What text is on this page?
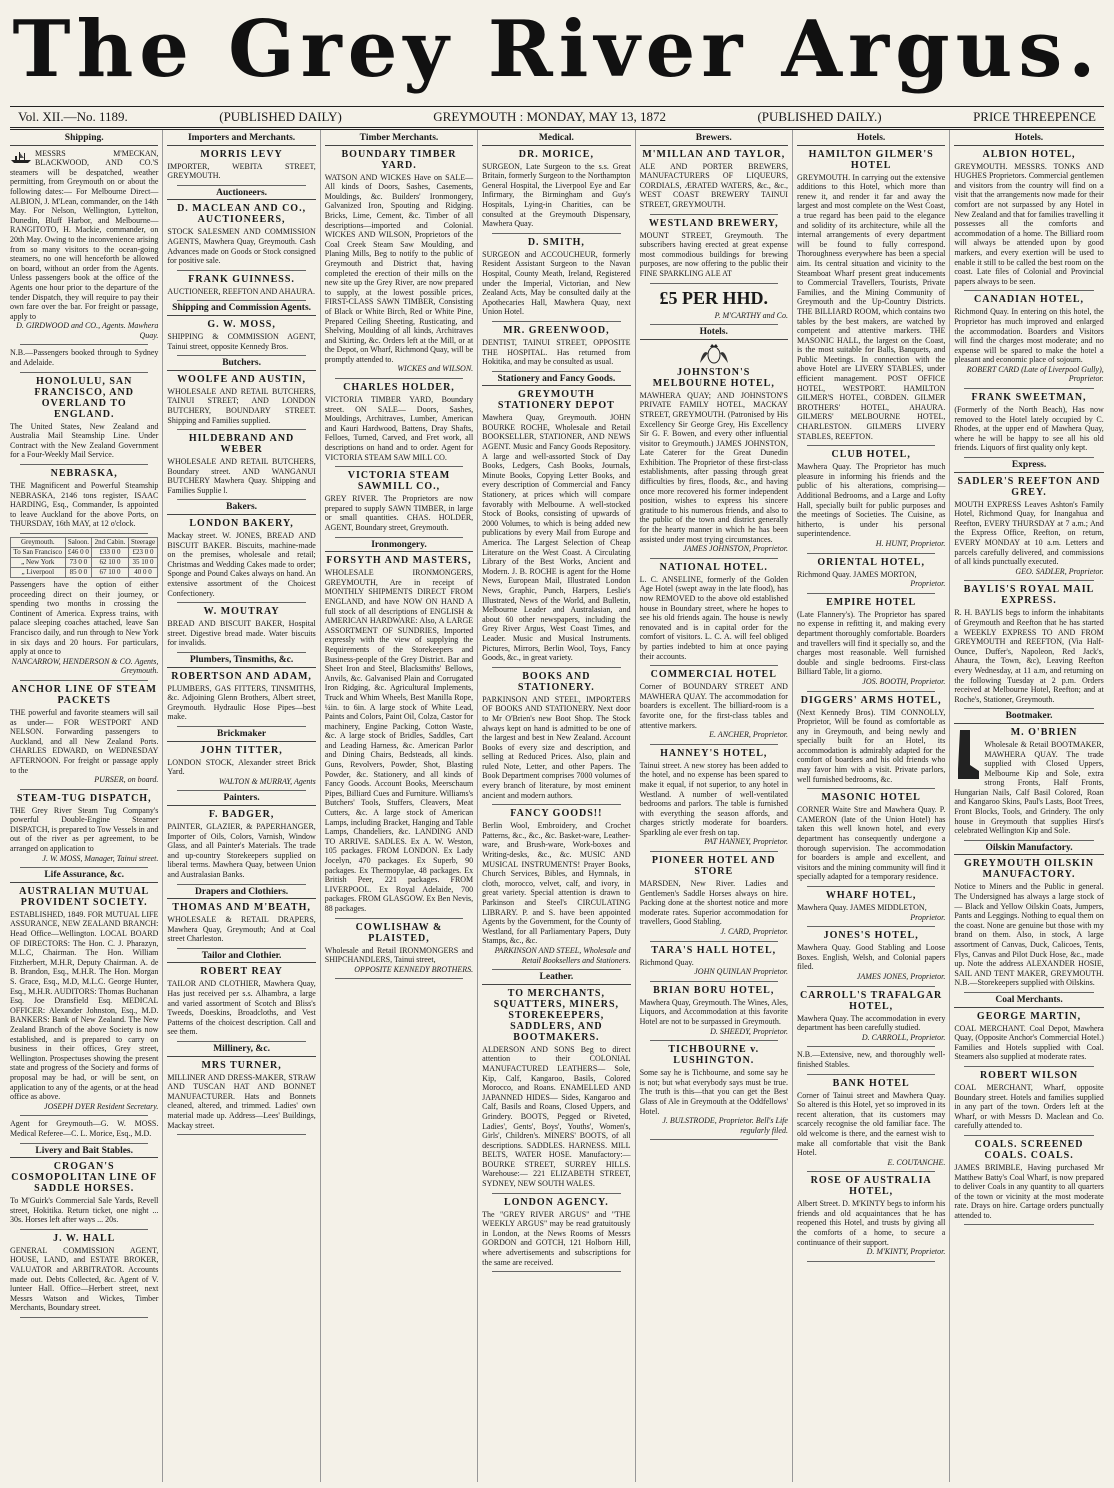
The Grey River Argus.
Vol. XII.—No. 1189.	(PUBLISHED DAILY)	GREYMOUTH : MONDAY, MAY 13, 1872	(PUBLISHED DAILY.)	PRICE THREEPENCE
Shipping.
MESSRS M'MECKAN, BLACKWOOD, AND CO.'S steamers will be despatched, weather permitting, from Greymouth on or about the following dates:— For Melbourne Direct— ALBION, J. M'Lean, commander, on the 14th May. For Nelson, Wellington, Lyttelton, Dunedin, Bluff Harbor, and Melbourne— RANGITOTO, H. Mackie, commander, on 20th May. Owing to the inconvenience arising from so many visitors to the ocean-going steamers, no one will henceforth be allowed on board, without an order from the Agents. Unless passengers book at the office of the Agents one hour prior to the departure of the tender Dispatch, they will require to pay their own fare over the bar. For freight or passage, apply to
D. GIRDWOOD and CO., Agents. Mawhera Quay.
N.B.—Passengers booked through to Sydney and Adelaide.
HONOLULU, SAN FRANCISCO, AND OVERLAND TO ENGLAND.
The United States, New Zealand and Australia Mail Steamship Line. Under Contract with the New Zealand Government for a Four-Weekly Mail Service.
NEBRASKA,
THE Magnificent and Powerful Steamship NEBRASKA, 2146 tons register, ISAAC HARDING, Esq., Commander, Is appointed to leave Auckland for the above Ports, on THURSDAY, 16th MAY, at 12 o'clock.
Greymouth.	Saloon.	2nd Cabin.	Steerage
To San Francisco	£46 0 0	£33 0 0	£23 0 0
„ New York	73 0 0	62 10 0	35 10 0
„ Liverpool	85 0 0	67 10 0	40 0 0
Passengers have the option of either proceeding direct on their journey, or spending two months in crossing the Continent of America. Express trains, with palace sleeping coaches attached, leave San Francisco daily, and run through to New York in six days and 20 hours. For particulars, apply at once to
NANCARROW, HENDERSON & CO. Agents, Greymouth.
ANCHOR LINE OF STEAM PACKETS
THE powerful and favorite steamers will sail as under— FOR WESTPORT AND NELSON. Forwarding passengers to Auckland, and all New Zealand Ports. CHARLES EDWARD, on WEDNESDAY AFTERNOON. For freight or passage apply to the
PURSER, on board.
STEAM-TUG DISPATCH,
THE Grey River Steam Tug Company's powerful Double-Engine Steamer DISPATCH, is prepared to Tow Vessels in and out of the river as per agreement, to be arranged on application to
J. W. MOSS, Manager, Tainui street.
Life Assurance, &c.
AUSTRALIAN MUTUAL PROVIDENT SOCIETY.
ESTABLISHED, 1849. FOR MUTUAL LIFE ASSURANCE, NEW ZEALAND BRANCH: Head Office—Wellington. LOCAL BOARD OF DIRECTORS: The Hon. C. J. Pharazyn, M.L.C, Chairman. The Hon. William Fitzherbert, M.H.R, Deputy Chairman. A. de B. Brandon, Esq., M.H.R. The Hon. Morgan S. Grace, Esq., M.D, M.L.C. George Hunter, Esq., M.H.R. AUDITORS: Thomas Buchanan Esq. Joe Dransfield Esq. MEDICAL OFFICER: Alexander Johnston, Esq., M.D. BANKERS: Bank of New Zealand. The New Zealand Branch of the above Society is now established, and is prepared to carry on business in their offices, Grey street, Wellington. Prospectuses showing the present state and progress of the Society and forms of proposal may be had, or will be sent, on application to any of the agents, or at the head office as above.
JOSEPH DYER Resident Secretary.
Agent for Greymouth—G. W. MOSS. Medical Referee—C. L. Morice, Esq., M.D.
Livery and Bait Stables.
CROGAN'S COSMOPOLITAN LINE OF SADDLE HORSES.
To M'Guirk's Commercial Sale Yards, Revell street, Hokitika. Return ticket, one night ... 30s. Horses left after ways ... 20s.
J. W. HALL
GENERAL COMMISSION AGENT, HOUSE, LAND, and ESTATE BROKER, VALUATOR and ARBITRATOR. Accounts made out. Debts Collected, &c. Agent of V. lunteer Hall. Office—Herbert street, next Messrs Watson and Wickes, Timber Merchants, Boundary street.
Importers and Merchants.
MORRIS LEVY
IMPORTER, WEBITA STREET, GREYMOUTH.
Auctioneers.
D. MACLEAN AND CO., AUCTIONEERS,
STOCK SALESMEN AND COMMISSION AGENTS, Mawhera Quay, Greymouth. Cash Advances made on Goods or Stock consigned for positive sale.
FRANK GUINNESS.
AUCTIONEER, REEFTON AND AHAURA.
Shipping and Commission Agents.
G. W. MOSS,
SHIPPING & COMMISSION AGENT, Tainui street, opposite Kennedy Bros.
Butchers.
WOOLFE AND AUSTIN,
WHOLESALE AND RETAIL BUTCHERS, TAINUI STREET; AND LONDON BUTCHERY, BOUNDARY STREET. Shipping and Families supplied.
HILDEBRAND AND WEBER
WHOLESALE AND RETAIL BUTCHERS, Boundary street. AND WANGANUI BUTCHERY Mawhera Quay. Shipping and Families Supplie l.
Bakers.
LONDON BAKERY,
Mackay street. W. JONES, BREAD AND BISCUIT BAKER. Biscuits, machine-made on the premises, wholesale and retail; Christmas and Wedding Cakes made to order; Sponge and Pound Cakes always on hand. An extensive assortment of the Choicest Confectionery.
W. MOUTRAY
BREAD AND BISCUIT BAKER, Hospital street. Digestive bread made. Water biscuits for invalids.
Plumbers, Tinsmiths, &c.
ROBERTSON AND ADAM,
PLUMBERS, GAS FITTERS, TINSMITHS, &c. Adjoining Glenn Brothers, Albert street, Greymouth. Hydraulic Hose Pipes—best make.
Brickmaker
JOHN TITTER,
LONDON STOCK, Alexander street Brick Yard.
WALTON & MURRAY, Agents
Painters.
F. BADGER,
PAINTER, GLAZIER, & PAPERHANGER, Importer of Oils, Colors, Varnish, Window Glass, and all Painter's Materials. The trade and up-country Storekeepers supplied on liberal terms. Mawhera Quay, between Union and Australasian Banks.
Drapers and Clothiers.
THOMAS AND M'BEATH,
WHOLESALE & RETAIL DRAPERS, Mawhera Quay, Greymouth; And at Coal street Charleston.
Tailor and Clothier.
ROBERT REAY
TAILOR AND CLOTHIER, Mawhera Quay, Has just received per s.s. Alhambra, a large and varied assortment of Scotch and Bliss's Tweeds, Doeskins, Broadcloths, and Vest Patterns of the choicest description. Call and see them.
Millinery, &c.
MRS TURNER,
MILLINER AND DRESS-MAKER, STRAW AND TUSCAN HAT AND BONNET MANUFACTURER. Hats and Bonnets cleaned, altered, and trimmed. Ladies' own material made up. Address—Lees' Buildings, Mackay street.
Timber Merchants.
BOUNDARY TIMBER YARD.
WATSON AND WICKES Have on SALE— All kinds of Doors, Sashes, Casements, Mouldings, &c. Builders' Ironmongery, Galvanized Iron, Spouting and Ridging. Bricks, Lime, Cement, &c. Timber of all descriptions—imported and Colonial. WICKES AND WILSON, Proprietors of the Coal Creek Steam Saw Moulding, and Planing Mills, Beg to notify to the public of Greymouth and District that, having completed the erection of their mills on the new site up the Grey River, are now prepared to supply, at the lowest possible prices, FIRST-CLASS SAWN TIMBER, Consisting of Black or White Birch, Red or White Pine, Prepared Ceiling Sheeting, Rusticating, and Shelving, Moulding of all kinds, Architraves and Skirting, &c. Orders left at the Mill, or at the Depot, on Wharf, Richmond Quay, will be promptly attended to.
WICKES and WILSON.
CHARLES HOLDER,
VICTORIA TIMBER YARD, Boundary street. ON SALE— Doors, Sashes, Mouldings, Architraves, Lumber, American and Kauri Hardwood, Battens, Dray Shafts, Felloes, Turned, Carved, and Fret work, all descriptions on hand and to order. Agent for VICTORIA STEAM SAW MILL CO.
VICTORIA STEAM SAWMILL CO.,
GREY RIVER. The Proprietors are now prepared to supply SAWN TIMBER, in large or small quantities. CHAS. HOLDER, AGENT, Boundary street, Greymouth.
Ironmongery.
FORSYTH AND MASTERS,
WHOLESALE IRONMONGERS, GREYMOUTH, Are in receipt of MONTHLY SHIPMENTS DIRECT FROM ENGLAND, and have NOW ON HAND A full stock of all descriptions of ENGLISH & AMERICAN HARDWARE: Also, A LARGE ASSORTMENT OF SUNDRIES, Imported expressly with the view of supplying the Requirements of the Storekeepers and Business-people of the Grey District. Bar and Sheet Iron and Steel, Blacksmiths' Bellows, Anvils, &c. Galvanised Plain and Corrugated Iron Ridging, &c. Agricultural Implements, Truck and Whim Wheels, Best Manilla Rope, ¼in. to 6in. A large stock of White Lead, Paints and Colors, Paint Oil, Colza, Castor for machinery, Engine Packing, Cotton Waste, &c. A large stock of Bridles, Saddles, Cart and Leading Harness, &c. American Parlor and Dining Chairs, Bedsteads, all kinds. Guns, Revolvers, Powder, Shot, Blasting Powder, &c. Stationery, and all kinds of Fancy Goods. Account Books, Meerschaum Pipes, Billiard Cues and Furniture. Williams's Butchers' Tools, Stuffers, Cleavers, Meat Cutters, &c. A large stock of American Lamps, including Bracket, Hanging and Table Lamps, Chandeliers, &c. LANDING AND TO ARRIVE. SADLES. Ex A. W. Weston, 105 packages. FROM LONDON. Ex Lady Jocelyn, 470 packages. Ex Superb, 90 packages. Ex Thermopylae, 48 packages. Ex British Peer, 221 packages. FROM LIVERPOOL. Ex Royal Adelaide, 700 packages. FROM GLASGOW. Ex Ben Nevis, 88 packages.
COWLISHAW & PLAISTED,
Wholesale and Retail IRONMONGERS and SHIPCHANDLERS, Tainui street,
OPPOSITE KENNEDY BROTHERS.
Medical.
DR. MORICE,
SURGEON, Late Surgeon to the s.s. Great Britain, formerly Surgeon to the Northampton General Hospital, the Liverpool Eye and Ear Infirmary, the Birmingham and Guy's Hospitals, Lying-in Charities, can be consulted at the Greymouth Dispensary, Mawhera Quay.
D. SMITH,
SURGEON and ACCOUCHEUR, formerly Resident Assistant Surgeon to the Navan Hospital, County Meath, Ireland, Registered under the Imperial, Victorian, and New Zealand Acts, May be consulted daily at the Apothecaries Hall, Mawhera Quay, next Union Hotel.
MR. GREENWOOD,
DENTIST, TAINUI STREET, OPPOSITE THE HOSPITAL. Has returned from Hokitika, and may be consulted as usual.
Stationery and Fancy Goods.
GREYMOUTH STATIONERY DEPOT
Mawhera Quay, Greymouth. JOHN BOURKE ROCHE, Wholesale and Retail BOOKSELLER, STATIONER, AND NEWS AGENT. Music and Fancy Goods Repository. A large and well-assorted Stock of Day Books, Ledgers, Cash Books, Journals, Minute Books, Copying Letter Books, and every description of Commercial and Fancy Stationery, at prices which will compare favorably with Melbourne. A well-stocked Stock of Books, consisting of upwards of 2000 Volumes, to which is being added new publications by every Mail from Europe and America. The Largest Selection of Cheap Literature on the West Coast. A Circulating Library of the Best Works, Ancient and Modern. J. B. ROCHE is agent for the Home News, European Mail, Illustrated London News, Graphic, Punch, Harpers, Leslie's Illustrated, News of the World, and Bulletin, Melbourne Leader and Australasian, and about 60 other newspapers, including the Grey River Argus, West Coast Times, and Leader. Music and Musical Instruments. Pictures, Mirrors, Berlin Wool, Toys, Fancy Goods, &c., in great variety.
BOOKS AND STATIONERY.
PARKINSON AND STEEL, IMPORTERS OF BOOKS AND STATIONERY. Next door to Mr O'Brien's new Boot Shop. The Stock always kept on hand is admitted to be one of the largest and best in New Zealand. Account Books of every size and description, and selling at Reduced Prices. Also, plain and ruled Note, Letter, and other Papers. The Book Department comprises 7000 volumes of every branch of literature, by most eminent ancient and modern authors.
FANCY GOODS!!
Berlin Wool, Embroidery, and Crochet Patterns, &c., &c., &c. Basket-ware, Leather-ware, and Brush-ware, Work-boxes and Writing-desks, &c., &c. MUSIC AND MUSICAL INSTRUMENTS! Prayer Books, Church Services, Bibles, and Hymnals, in cloth, morocco, velvet, calf, and ivory, in great variety. Special attention is drawn to Parkinson and Steel's CIRCULATING LIBRARY. P. and S. have been appointed Agents by the Government, for the County of Westland, for all Parliamentary Papers, Duty Stamps, &c., &c.
PARKINSON AND STEEL, Wholesale and Retail Booksellers and Stationers.
Leather.
TO MERCHANTS, SQUATTERS, MINERS, STOREKEEPERS, SADDLERS, AND BOOTMAKERS.
ALDERSON AND SONS Beg to direct attention to their COLONIAL MANUFACTURED LEATHERS— Sole, Kip, Calf, Kangaroo, Basils, Colored Morocco, and Roans. ENAMELLED AND JAPANNED HIDES— Sides, Kangaroo and Calf, Basils and Roans, Closed Uppers, and Grindery. BOOTS, Pegged or Riveted, Ladies', Gents', Boys', Youths', Women's, Girls', Children's. MINERS' BOOTS, of all descriptions. SADDLES. HARNESS. MILL BELTS, WATER HOSE. Manufactory:— BOURKE STREET, SURREY HILLS. Warehouse:— 221 ELIZABETH STREET, SYDNEY, NEW SOUTH WALES.
LONDON AGENCY.
The "GREY RIVER ARGUS" and "THE WEEKLY ARGUS" may be read gratuitously in London, at the News Rooms of Messrs GORDON and GOTCH, 121 Holborn Hill, where advertisements and subscriptions for the same are received.
Brewers.
M'MILLAN AND TAYLOR,
ALE AND PORTER BREWERS, MANUFACTURERS OF LIQUEURS, CORDIALS, ÆRATED WATERS, &c., &c., WEST COAST BREWERY TAINUI STREET, GREYMOUTH.
WESTLAND BREWERY,
MOUNT STREET, Greymouth. The subscribers having erected at great expense most commodious buildings for brewing purposes, are now offering to the public their FINE SPARKLING ALE AT
£5 PER HHD.
P. M'CARTHY and Co.
Hotels.
JOHNSTON'S MELBOURNE HOTEL,
MAWHERA QUAY; AND JOHNSTON'S PRIVATE FAMILY HOTEL, MACKAY STREET, GREYMOUTH. (Patronised by His Excellency Sir George Grey, His Excellency Sir G. F. Bowen, and every other influential visitor to Greymouth.) JAMES JOHNSTON, Late Caterer for the Great Dunedin Exhibition. The Proprietor of these first-class establishments, after passing through great difficulties by fires, floods, &c., and having once more recovered his former independent position, wishes to express his sincere gratitude to his numerous friends, and also to the public of the town and district generally for the hearty manner in which he has been assisted under most trying circumstances.
JAMES JOHNSTON, Proprietor.
NATIONAL HOTEL.
L. C. ANSELINE, formerly of the Golden Age Hotel (swept away in the late flood), has now REMOVED to the above old established house in Boundary street, where he hopes to see his old friends again. The house is newly renovated and is in capital order for the comfort of visitors. L. C. A. will feel obliged by parties indebted to him at once paying their accounts.
COMMERCIAL HOTEL
Corner of BOUNDARY STREET AND MAWHERA QUAY. The accommodation for boarders is excellent. The billiard-room is a favorite one, for the first-class tables and attentive markers.
E. ANCHER, Proprietor.
HANNEY'S HOTEL,
Tainui street. A new storey has been added to the hotel, and no expense has been spared to make it equal, if not superior, to any hotel in Westland. A number of well-ventilated bedrooms and parlors. The table is furnished with everything the season affords, and charges strictly moderate for boarders. Sparkling ale ever fresh on tap.
PAT HANNEY, Proprietor.
PIONEER HOTEL AND STORE
MARSDEN, New River. Ladies and Gentlemen's Saddle Horses always on hire. Packing done at the shortest notice and more moderate rates. Superior accommodation for travellers, Good Stabling.
J. CARD, Proprietor.
TARA'S HALL HOTEL,
Richmond Quay.
JOHN QUINLAN Proprietor.
BRIAN BORU HOTEL,
Mawhera Quay, Greymouth. The Wines, Ales, Liquors, and Accommodation at this favorite Hotel are not to be surpassed in Greymouth.
D. SHEEDY, Proprietor.
TICHBOURNE v. LUSHINGTON.
Some say he is Tichbourne, and some say he is not; but what everybody says must be true. The truth is this—that you can get the Best Glass of Ale in Greymouth at the Oddfellows' Hotel.
J. BULSTRODE, Proprietor. Bell's Life regularly filed.
Hotels.
HAMILTON GILMER'S HOTEL
GREYMOUTH. In carrying out the extensive additions to this Hotel, which more than renew it, and render it far and away the largest and most complete on the West Coast, a true regard has been paid to the elegance and solidity of its architecture, while all the internal arrangements of every department will be found to fully correspond. Thoroughness everywhere has been a special aim. Its central situation and vicinity to the Steamboat Wharf present great inducements to Commercial Travellers, Tourists, Private Families, and the Mining Community of Greymouth and the Up-Country Districts. THE BILLIARD ROOM, which contains two tables by the best makers, are watched by competent and attentive markers. THE MASONIC HALL, the largest on the Coast, is the most suitable for Balls, Banquets, and Public Meetings. In connection with the above Hotel are LIVERY STABLES, under efficient management. POST OFFICE HOTEL, WESTPORT. HAMILTON GILMER'S HOTEL, COBDEN. GILMER BROTHERS' HOTEL, AHAURA. GILMERS' MELBOURNE HOTEL, CHARLESTON. GILMERS LIVERY STABLES, REEFTON.
CLUB HOTEL,
Mawhera Quay. The Proprietor has much pleasure in informing his friends and the public of his alterations, comprising—Additional Bedrooms, and a Large and Lofty Hall, specially built for public purposes and the meetings of Societies. The Cuisine, as hitherto, is under his personal superintendence.
H. HUNT, Proprietor.
ORIENTAL HOTEL,
Richmond Quay. JAMES MORTON,
Proprietor.
EMPIRE HOTEL
(Late Flannery's). The Proprietor has spared no expense in refitting it, and making every department thoroughly comfortable. Boarders and travellers will find it specially so, and the charges most reasonable. Well furnished double and single bedrooms. First-class Billiard Table, lit a giorno.
JOS. BOOTH, Proprietor.
DIGGERS' ARMS HOTEL,
(Next Kennedy Bros). TIM CONNOLLY, Proprietor, Will be found as comfortable as any in Greymouth, and being newly and specially built for an Hotel, its accommodation is admirably adapted for the comfort of boarders and his old friends who may favor him with a visit. Private parlors, well furnished bedrooms, &c.
MASONIC HOTEL
CORNER Waite Stre and Mawhera Quay. P. CAMERON (late of the Union Hotel) has taken this well known hotel, and every department has consequently undergone a thorough supervision. The accommodation for boarders is ample and excellent, and visitors and the mining community will find it specially adapted for a temporary residence.
WHARF HOTEL,
Mawhera Quay. JAMES MIDDLETON,
Proprietor.
JONES'S HOTEL,
Mawhera Quay. Good Stabling and Loose Boxes. English, Welsh, and Colonial papers filed.
JAMES JONES, Proprietor.
CARROLL'S TRAFALGAR HOTEL,
Mawhera Quay. The accommodation in every department has been carefully studied.
D. CARROLL, Proprietor.
N.B.—Extensive, new, and thoroughly well-finished Stables.
BANK HOTEL
Corner of Tainui street and Mawhera Quay. So altered is this Hotel, yet so improved in its recent alteration, that its customers may scarcely recognise the old familiar face. The old welcome is there, and the earnest wish to make all comfortable that visit the Bank Hotel.
E. COUTANCHE.
ROSE OF AUSTRALIA HOTEL,
Albert Street. D. M'KINTY begs to inform his friends and old acquaintances that he has reopened this Hotel, and trusts by giving all the comforts of a home, to secure a continuance of their support.
D. M'KINTY, Proprietor.
Hotels.
ALBION HOTEL,
GREYMOUTH. MESSRS. TONKS AND HUGHES Proprietors. Commercial gentlemen and visitors from the country will find on a visit that the arrangements now made for their comfort are not surpassed by any Hotel in New Zealand and that for families travelling it possesses all the comforts and accommodation of a home. The Billiard room will always be attended upon by good markers, and every exertion will be used to enable it still to be called the best room on the coast. Late files of Colonial and Provincial papers always to be seen.
CANADIAN HOTEL,
Richmond Quay. In entering on this hotel, the Proprietor has much improved and enlarged the accommodation. Boarders and Visitors will find the charges most moderate; and no expense will be spared to make the hotel a pleasant and economic place of sojourn.
ROBERT CARD (Late of Liverpool Gully), Proprietor.
FRANK SWEETMAN,
(Formerly of the North Beach), Has now removed to the Hotel lately occupied by C. Rhodes, at the upper end of Mawhera Quay, where he will be happy to see all his old friends. Liquors of first quality only kept.
Express.
SADLER'S REEFTON AND GREY.
MOUTH EXPRESS Leaves Ashton's Family Hotel, Richmond Quay, for Inangahua and Reefton, EVERY THURSDAY at 7 a.m.; And the Express Office, Reefton, on return, EVERY MONDAY at 10 a.m. Letters and parcels carefully delivered, and commissions of all kinds punctually executed.
GEO. SADLER, Proprietor.
BAYLIS'S ROYAL MAIL EXPRESS.
R. H. BAYLIS begs to inform the inhabitants of Greymouth and Reefton that he has started a WEEKLY EXPRESS TO AND FROM GREYMOUTH and REEFTON, (Via Half-Ounce, Duffer's, Napoleon, Red Jack's, Ahaura, the Town, &c), Leaving Reefton every Wednesday, at 11 a.m, and returning on the following Tuesday at 2 p.m. Orders received at Melbourne Hotel, Reefton; and at Roche's, Stationer, Greymouth.
Bootmaker.
M. O'BRIEN
Wholesale & Retail BOOTMAKER, MAWHERA QUAY. The trade supplied with Closed Uppers, Melbourne Kip and Sole, extra strong Fronts, Half Fronts, Hungarian Nails, Calf Basil Colored, Roan and Kangaroo Skins, Paul's Lasts, Boot Trees, Front Blocks, Tools, and Grindery. The only house in Greymouth that supplies Hirst's celebrated Wellington Kip and Sole.
Oilskin Manufactory.
GREYMOUTH OILSKIN MANUFACTORY.
Notice to Miners and the Public in general. The Undersigned has always a large stock of— Black and Yellow Oilskin Coats, Jumpers, Pants and Leggings. Nothing to equal them on the coast. None are genuine but those with my brand on them. Also, in stock, A large assortment of Canvas, Duck, Calicoes, Tents, Flys, Canvas and Pilot Duck Hose, &c., made up. Note the address ALEXANDER HOSIE, SAIL AND TENT MAKER, GREYMOUTH. N.B.—Storekeepers supplied with Oilskins.
Coal Merchants.
GEORGE MARTIN,
COAL MERCHANT. Coal Depot, Mawhera Quay, (Opposite Anchor's Commercial Hotel.) Families and Hotels supplied with Coal. Steamers also supplied at moderate rates.
ROBERT WILSON
COAL MERCHANT, Wharf, opposite Boundary street. Hotels and families supplied in any part of the town. Orders left at the Wharf, or with Messrs D. Maclean and Co. carefully attended to.
COALS. SCREENED COALS. COALS.
JAMES BRIMBLE, Having purchased Mr Matthew Batty's Coal Wharf, is now prepared to deliver Coals in any quantity to all quarters of the town or vicinity at the most moderate rate. Drays on hire. Cartage orders punctually attended to.
